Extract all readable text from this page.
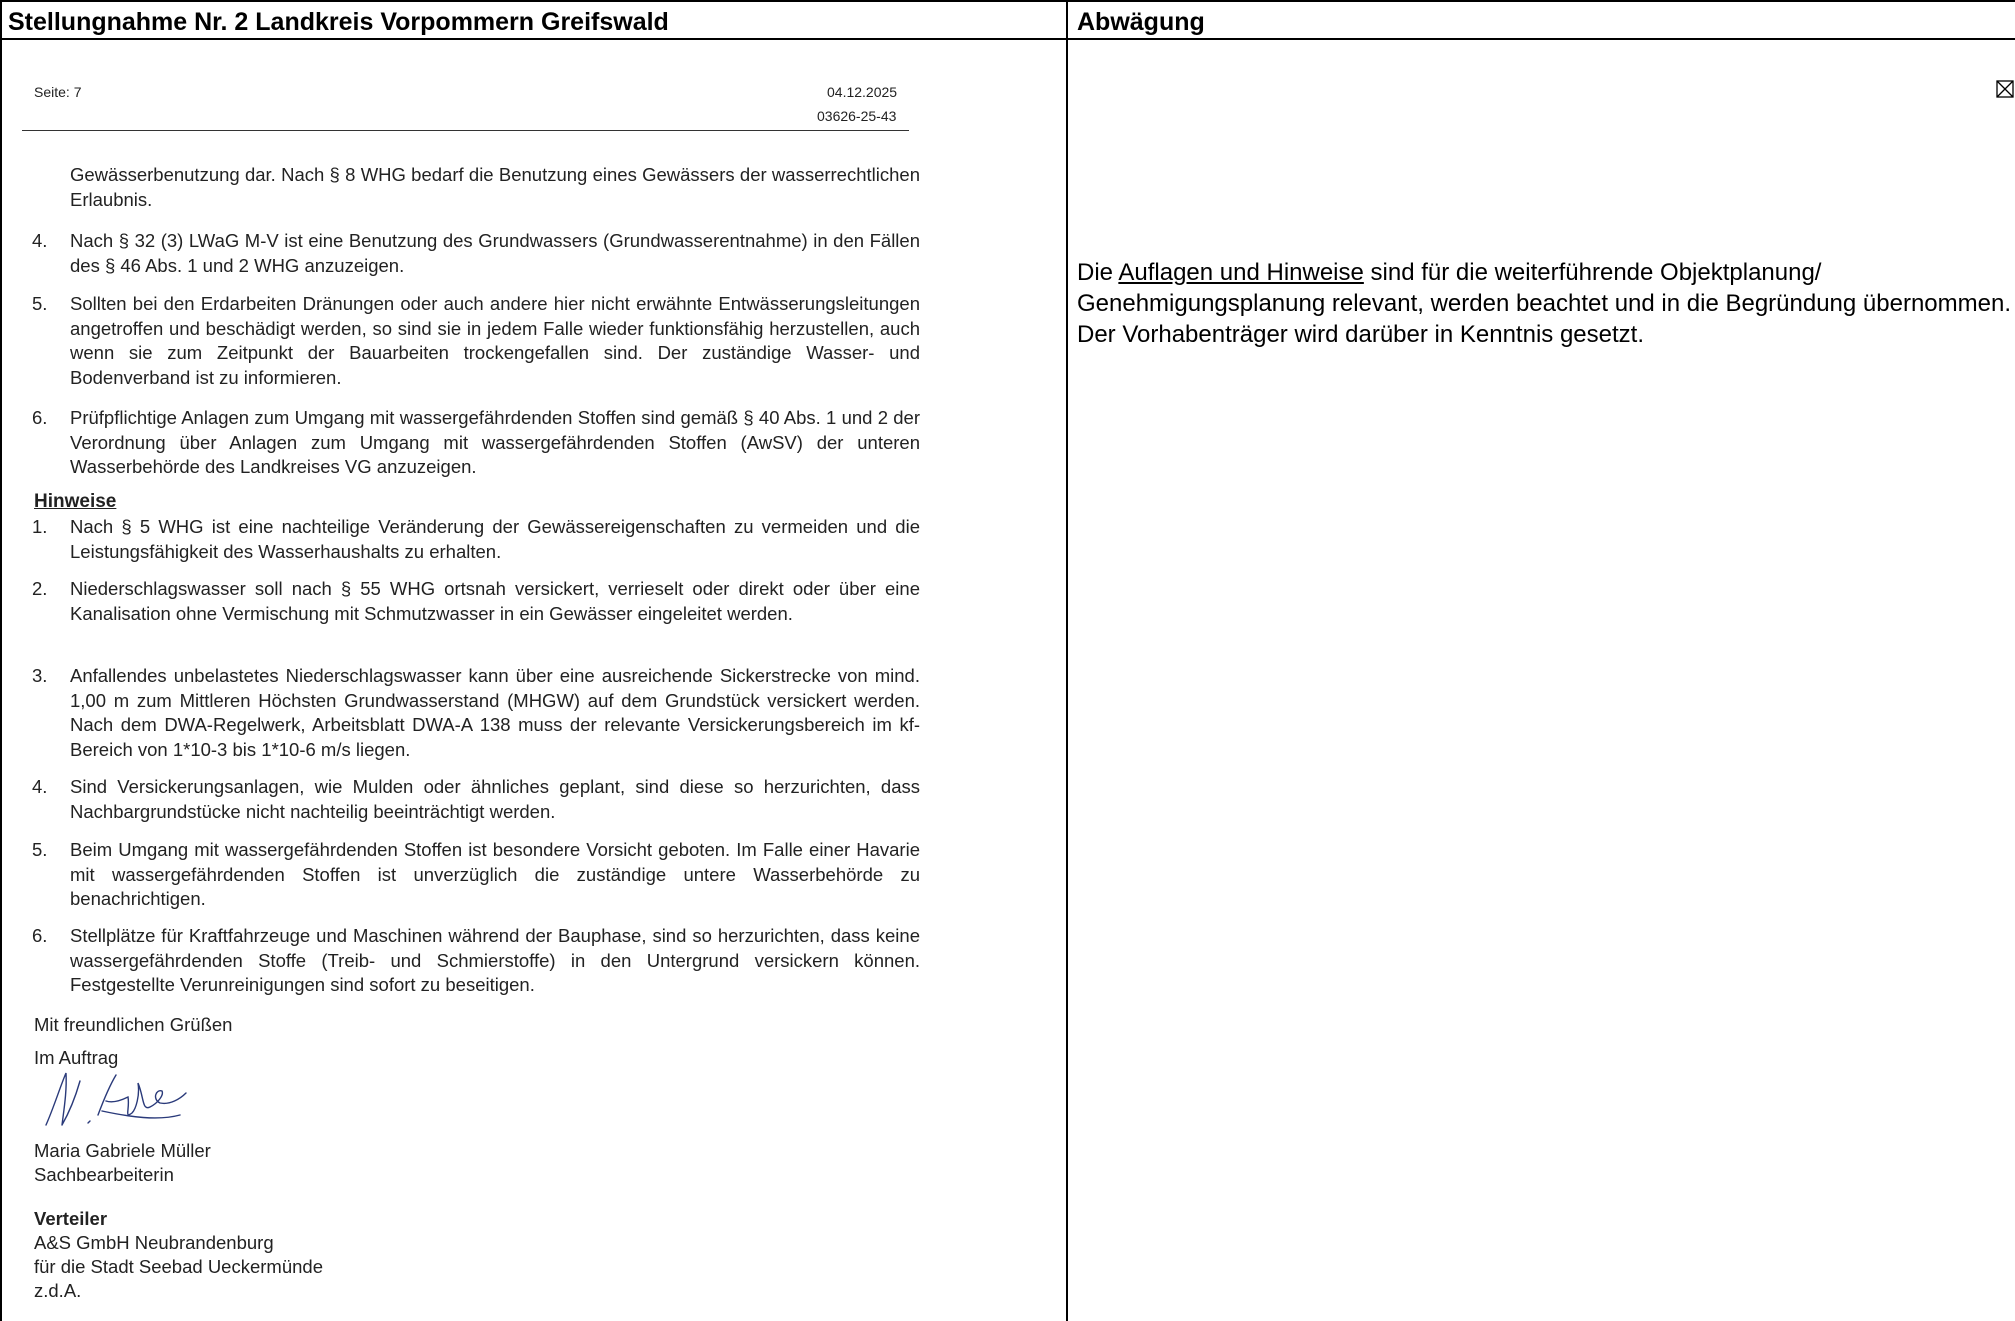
Stellungnahme Nr. 2 Landkreis Vorpommern Greifswald	Abwägung
Seite: 7	04.12.2025
03626-25-43
Gewässerbenutzung dar. Nach § 8 WHG bedarf die Benutzung eines Gewässers der wasserrechtlichen Erlaubnis.
4. Nach § 32 (3) LWaG M-V ist eine Benutzung des Grundwassers (Grundwasserentnahme) in den Fällen des § 46 Abs. 1 und 2 WHG anzuzeigen.
5. Sollten bei den Erdarbeiten Dränungen oder auch andere hier nicht erwähnte Entwässerungsleitungen angetroffen und beschädigt werden, so sind sie in jedem Falle wieder funktionsfähig herzustellen, auch wenn sie zum Zeitpunkt der Bauarbeiten trockengefallen sind. Der zuständige Wasser- und Bodenverband ist zu informieren.
6. Prüfpflichtige Anlagen zum Umgang mit wassergefährdenden Stoffen sind gemäß § 40 Abs. 1 und 2 der Verordnung über Anlagen zum Umgang mit wassergefährdenden Stoffen (AwSV) der unteren Wasserbehörde des Landkreises VG anzuzeigen.
Hinweise
1. Nach § 5 WHG ist eine nachteilige Veränderung der Gewässereigenschaften zu vermeiden und die Leistungsfähigkeit des Wasserhaushalts zu erhalten.
2. Niederschlagswasser soll nach § 55 WHG ortsnah versickert, verrieselt oder direkt oder über eine Kanalisation ohne Vermischung mit Schmutzwasser in ein Gewässer eingeleitet werden.
3. Anfallendes unbelastetes Niederschlagswasser kann über eine ausreichende Sickerstrecke von mind. 1,00 m zum Mittleren Höchsten Grundwasserstand (MHGW) auf dem Grundstück versickert werden. Nach dem DWA-Regelwerk, Arbeitsblatt DWA-A 138 muss der relevante Versickerungsbereich im kf-Bereich von 1*10-3 bis 1*10-6 m/s liegen.
4. Sind Versickerungsanlagen, wie Mulden oder ähnliches geplant, sind diese so herzurichten, dass Nachbargrundstücke nicht nachteilig beeinträchtigt werden.
5. Beim Umgang mit wassergefährdenden Stoffen ist besondere Vorsicht geboten. Im Falle einer Havarie mit wassergefährdenden Stoffen ist unverzüglich die zuständige untere Wasserbehörde zu benachrichtigen.
6. Stellplätze für Kraftfahrzeuge und Maschinen während der Bauphase, sind so herzurichten, dass keine wassergefährdenden Stoffe (Treib- und Schmierstoffe) in den Untergrund versickern können. Festgestellte Verunreinigungen sind sofort zu beseitigen.
Mit freundlichen Grüßen
Im Auftrag
Maria Gabriele Müller
Sachbearbeiterin
Verteiler
A&S GmbH Neubrandenburg
für die Stadt Seebad Ueckermünde
z.d.A.
Die Auflagen und Hinweise sind für die weiterführende Objektplanung/ Genehmigungsplanung relevant, werden beachtet und in die Begründung übernommen. Der Vorhabenträger wird darüber in Kenntnis gesetzt.
